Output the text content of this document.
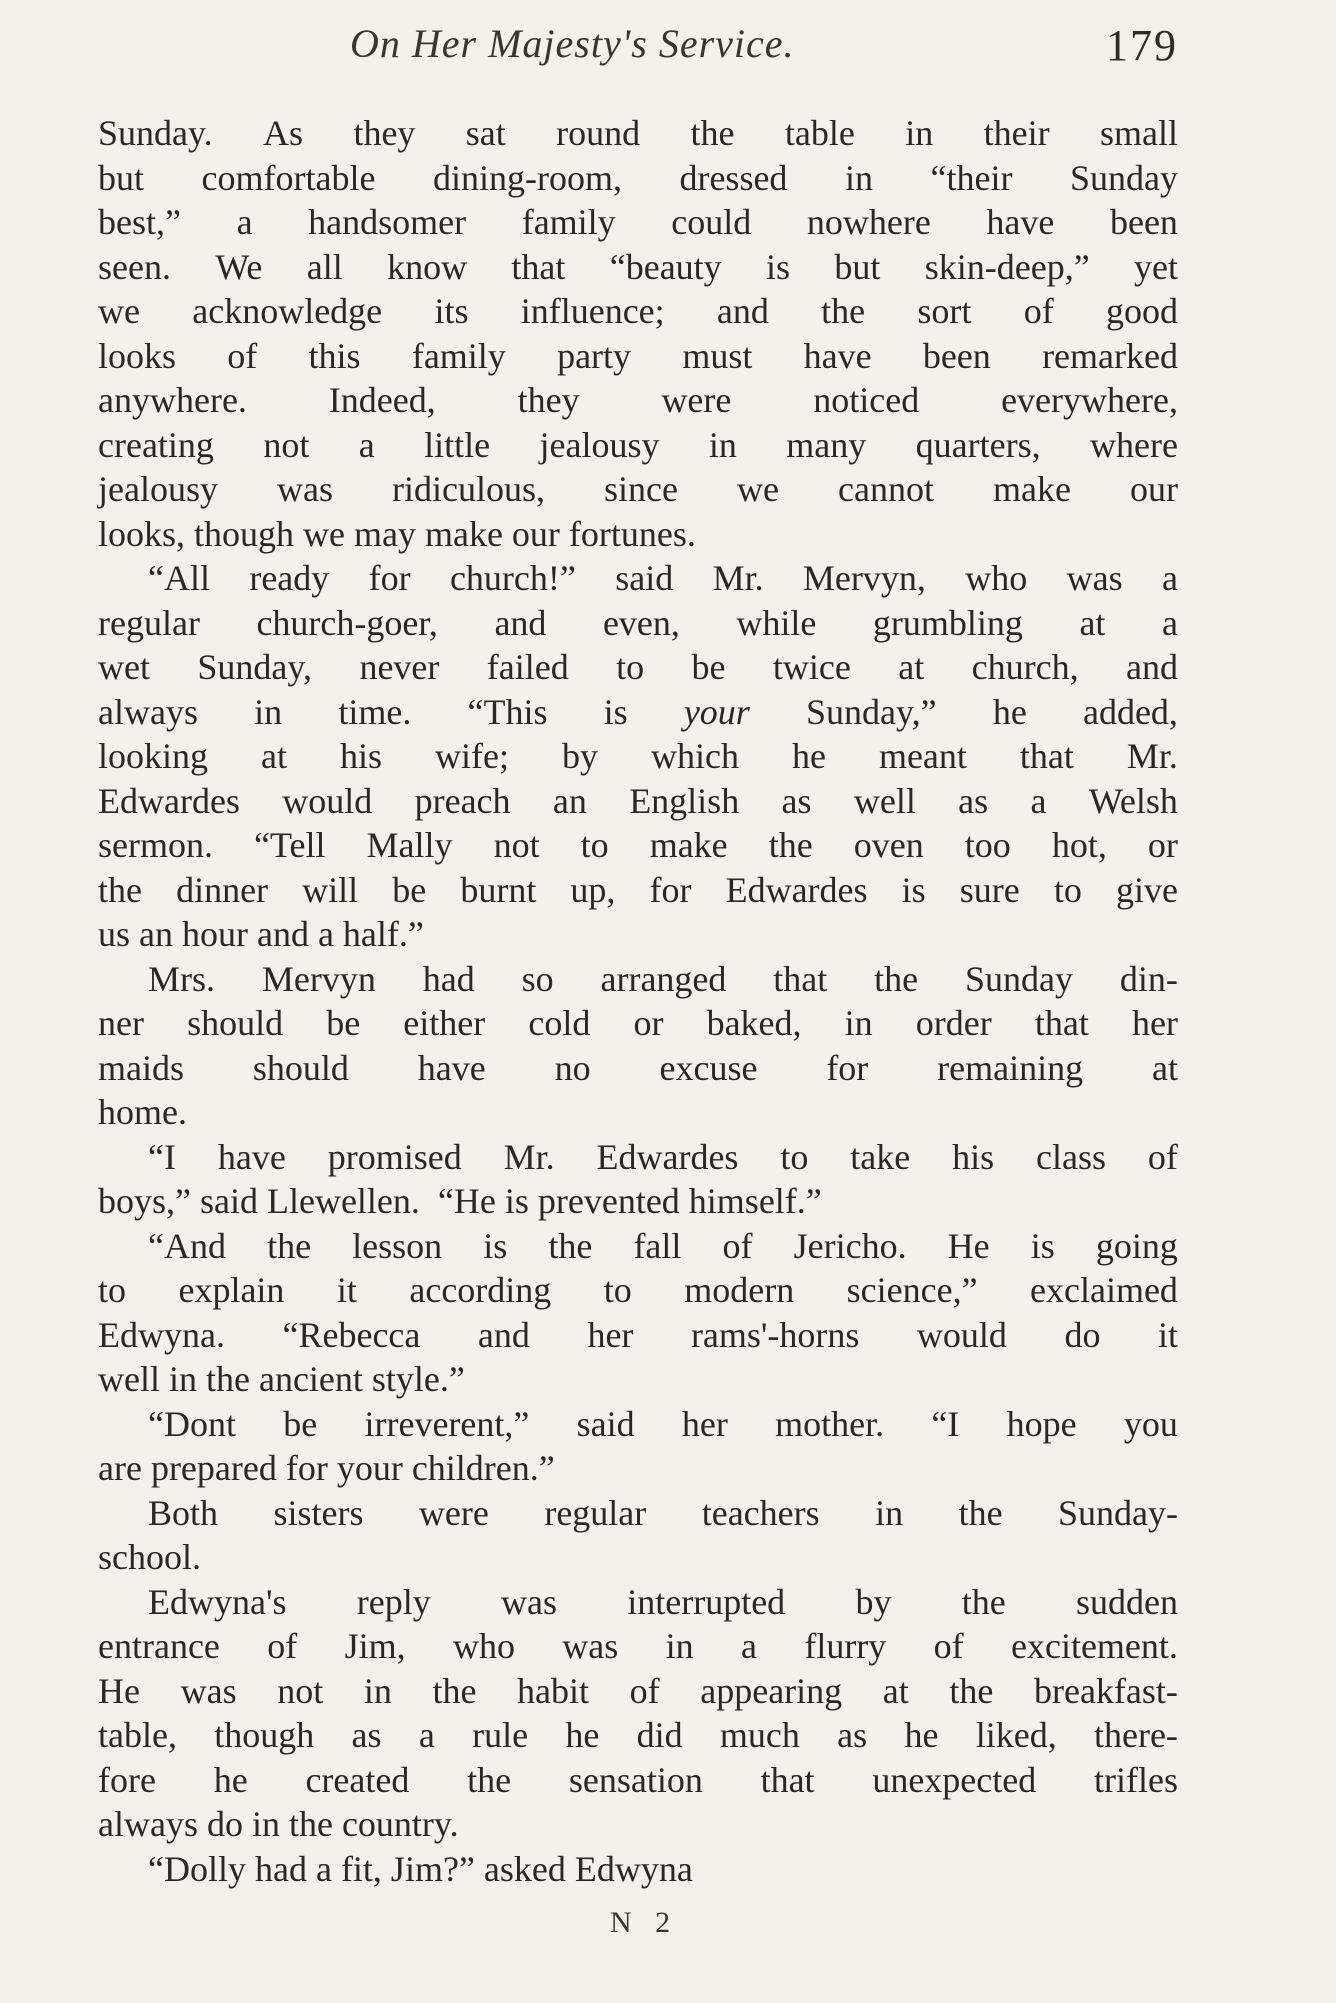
On Her Majesty's Service.	179
Sunday. As they sat round the table in their small
but comfortable dining-room, dressed in “their Sunday
best,” a handsomer family could nowhere have been
seen. We all know that “beauty is but skin-deep,” yet
we acknowledge its influence; and the sort of good
looks of this family party must have been remarked
anywhere. Indeed, they were noticed everywhere,
creating not a little jealousy in many quarters, where
jealousy was ridiculous, since we cannot make our
looks, though we may make our fortunes.
“All ready for church!” said Mr. Mervyn, who was a
regular church-goer, and even, while grumbling at a
wet Sunday, never failed to be twice at church, and
always in time. “This is your Sunday,” he added,
looking at his wife; by which he meant that Mr.
Edwardes would preach an English as well as a Welsh
sermon. “Tell Mally not to make the oven too hot, or
the dinner will be burnt up, for Edwardes is sure to give
us an hour and a half.”
Mrs. Mervyn had so arranged that the Sunday din-
ner should be either cold or baked, in order that her
maids should have no excuse for remaining at
home.
“I have promised Mr. Edwardes to take his class of
boys,” said Llewellen.  “He is prevented himself.”
“And the lesson is the fall of Jericho. He is going
to explain it according to modern science,” exclaimed
Edwyna. “Rebecca and her rams'-horns would do it
well in the ancient style.”
“Dont be irreverent,” said her mother. “I hope you
are prepared for your children.”
Both sisters were regular teachers in the Sunday-
school.
Edwyna's reply was interrupted by the sudden
entrance of Jim, who was in a flurry of excitement.
He was not in the habit of appearing at the breakfast-
table, though as a rule he did much as he liked, there-
fore he created the sensation that unexpected trifles
always do in the country.
“Dolly had a fit, Jim?” asked Edwyna
N 2
